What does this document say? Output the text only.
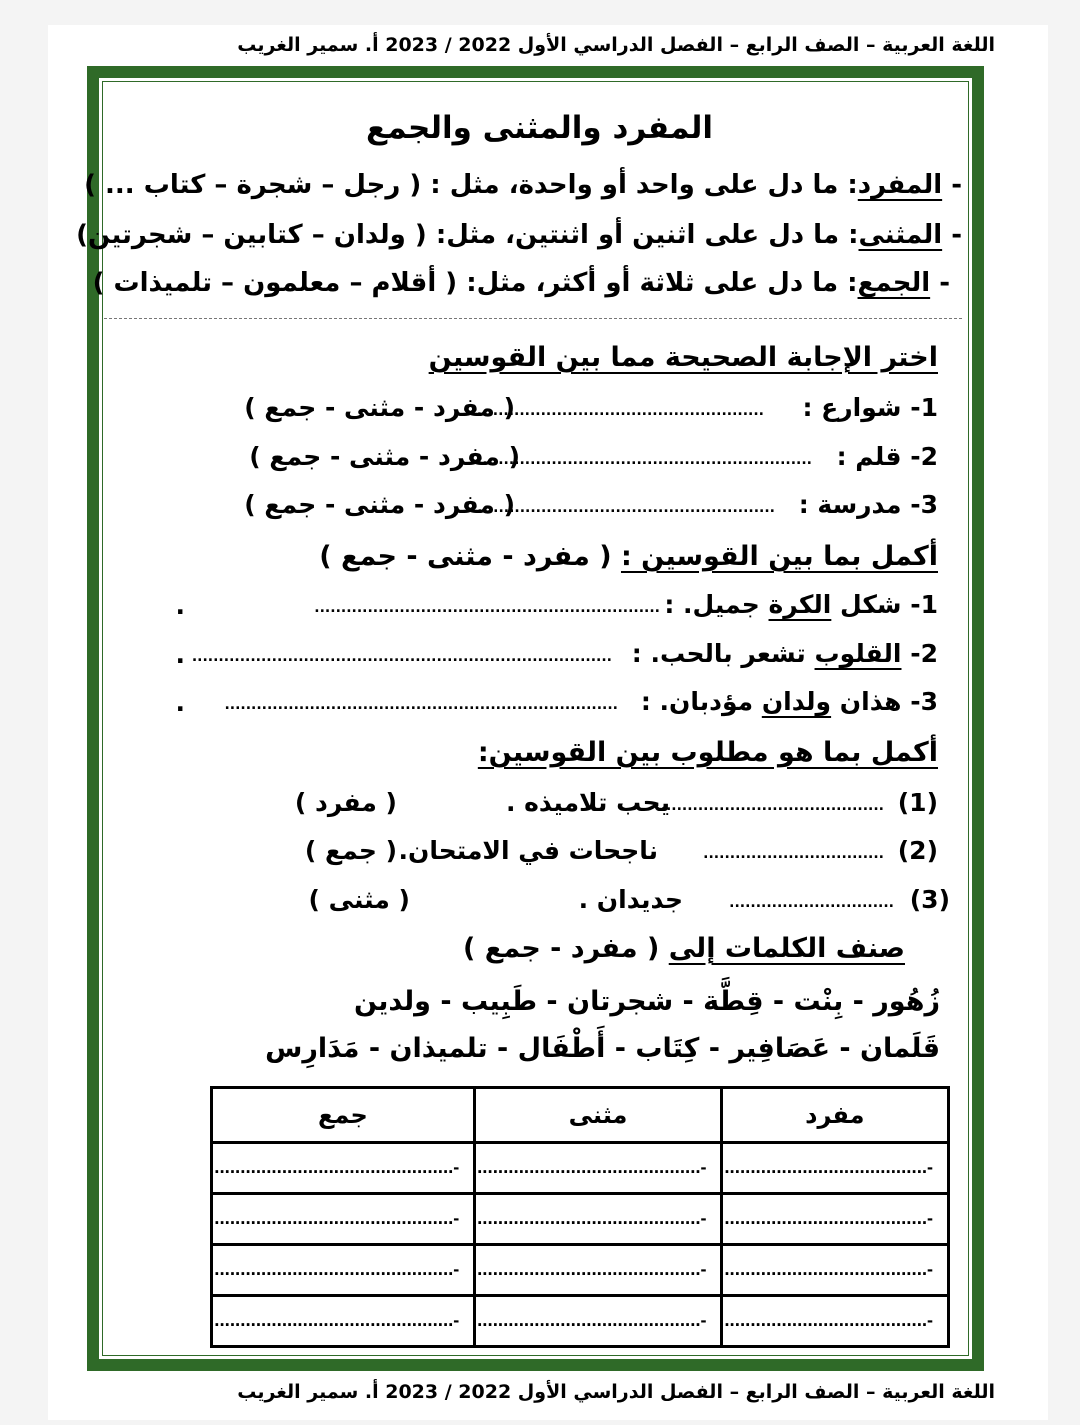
اللغة العربية – الصف الرابع – الفصل الدراسي الأول 2022 / 2023 أ. سمير الغريب
المفرد والمثنى والجمع
- المفرد: ما دل على واحد أو واحدة، مثل : ( رجل – شجرة – كتاب ... )
- المثنى: ما دل على اثنين أو اثنتين، مثل: ( ولدان – كتابين – شجرتين)
- الجمع: ما دل على ثلاثة أو أكثر، مثل: ( أقلام – معلمون – تلميذات )
اختر الإجابة الصحيحة مما بين القوسين
1- شوارع :
......................................................
( مفرد - مثنى - جمع )
2- قلم :
...............................................................
( مفرد - مثنى - جمع )
3- مدرسة :
........................................................
( مفرد - مثنى - جمع )
أكمل بما بين القوسين : ( مفرد - مثنى - جمع )
1- شكل الكرة جميل. :
.................................................................
.
2- القلوب تشعر بالحب. :
...............................................................................
.
3- هذان ولدان مؤدبان. :
..........................................................................
.
أكمل بما هو مطلوب بين القوسين:
(1)
..........................................
يحب تلاميذه .
( مفرد )
(2)
..................................
ناجحات في الامتحان.
( جمع )
(3)
...............................
جديدان .
( مثنى )
صنف الكلمات إلى ( مفرد - جمع )
زُهُور - بِنْت - قِطَّة - شجرتان - طَبِيب - ولدين
قَلَمان - عَصَافِير - كِتَاب - أَطْفَال - تلميذان - مَدَارِس
مفرد	مثنى	جمع
-.......................................	-...........................................	-..............................................
-.......................................	-...........................................	-..............................................
-.......................................	-...........................................	-..............................................
-.......................................	-...........................................	-..............................................
اللغة العربية – الصف الرابع – الفصل الدراسي الأول 2022 / 2023 أ. سمير الغريب
